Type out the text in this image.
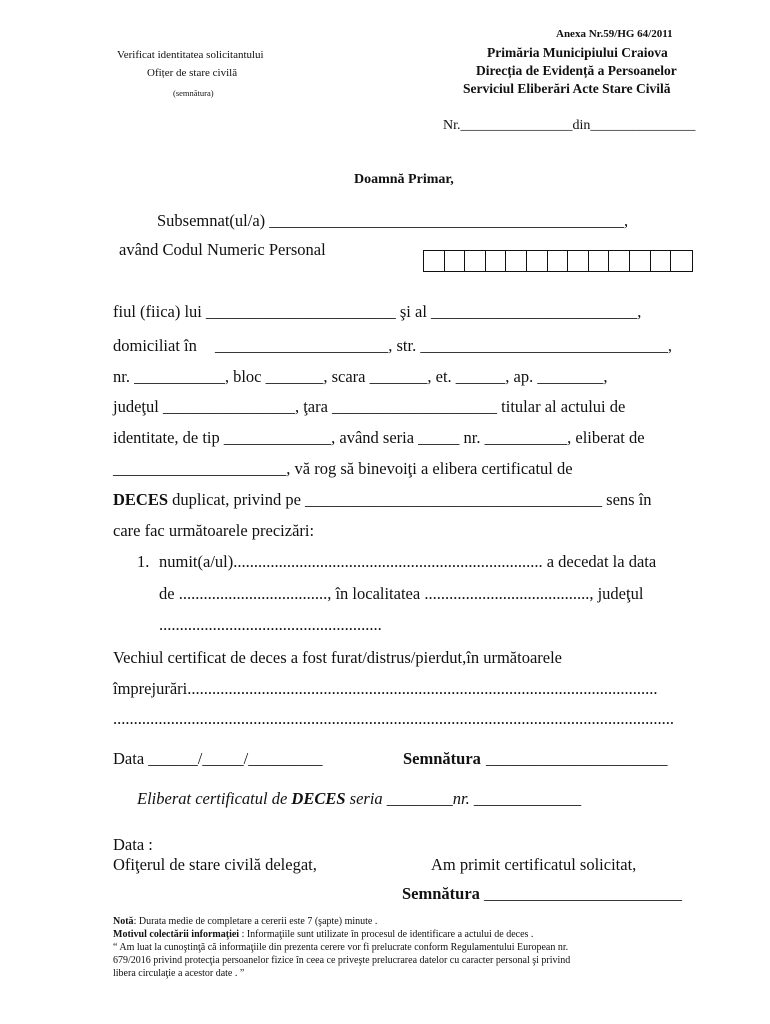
Anexa Nr.59/HG 64/2011
Verificat identitatea solicitantului
Ofițer de stare civilă
(semnătura)
Primăria Municipiului Craiova
Direcția de Evidență a Persoanelor
Serviciul Eliberări Acte Stare Civilă
Nr.________________din_______________
Doamnă Primar,
Subsemnat(ul/a) ___________________________________________,
având Codul Numeric Personal
fiul (fiica) lui _______________________ şi al _________________________,
domiciliat în _____________________, str. ______________________________,
nr. ___________, bloc _______, scara _______, et. ______, ap. ________,
judeţul ________________, ţara ____________________ titular al actului de
identitate, de tip _____________, având seria _____ nr. __________, eliberat de
_____________________, vă rog să binevoiţi a elibera certificatul de
DECES duplicat, privind pe ____________________________________ sens în
care fac următoarele precizări:
1. numit(a/ul)........................................................................... a decedat la data
de ...................................., în localitatea ........................................, judeţul
......................................................
Vechiul certificat de deces a fost furat/distrus/pierdut,în următoarele
împrejurări..................................................................................................................
........................................................................................................................................
Data ______/_____/_________	Semnătura ______________________
Eliberat certificatul de DECES seria ________nr. _____________
Data :
Ofiţerul de stare civilă delegat,	Am primit certificatul solicitat,
Semnătura ________________________
Notă: Durata medie de completare a cererii este 7 (şapte) minute .
Motivul colectării informaţiei : Informaţiile sunt utilizate în procesul de identificare a actului de deces .
“ Am luat la cunoştinţă că informaţiile din prezenta cerere vor fi prelucrate conform Regulamentului European nr.
679/2016 privind protecţia persoanelor fizice în ceea ce priveşte prelucrarea datelor cu caracter personal şi privind
libera circulaţie a acestor date . ”
